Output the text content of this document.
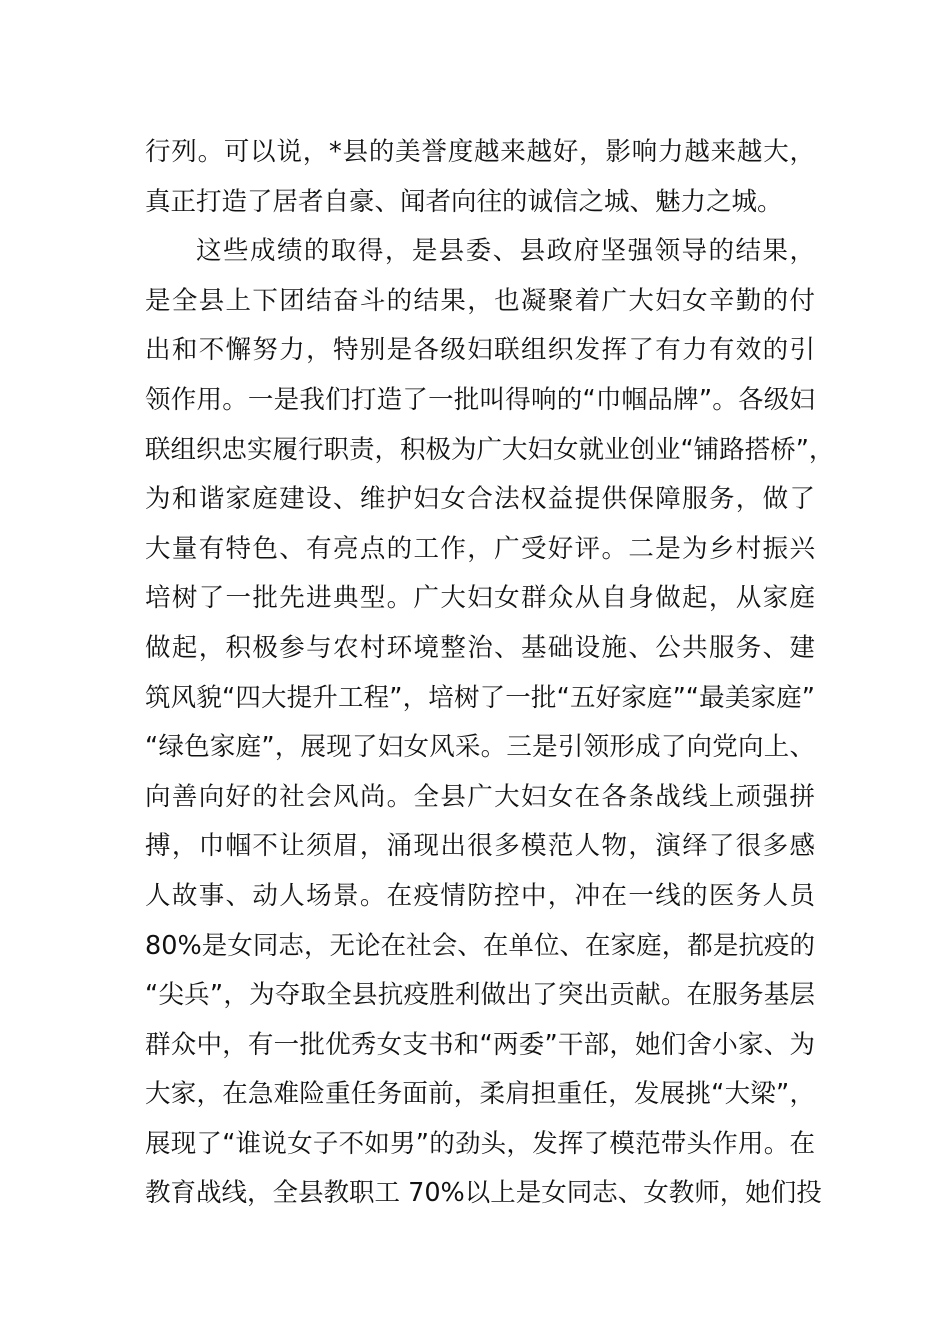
行列。可以说，*县的美誉度越来越好，影响力越来越大，
真正打造了居者自豪、闻者向往的诚信之城、魅力之城。
这些成绩的取得，是县委、县政府坚强领导的结果，
是全县上下团结奋斗的结果，也凝聚着广大妇女辛勤的付
出和不懈努力，特别是各级妇联组织发挥了有力有效的引
领作用。一是我们打造了一批叫得响的“巾帼品牌”。各级妇
联组织忠实履行职责，积极为广大妇女就业创业“铺路搭桥”，
为和谐家庭建设、维护妇女合法权益提供保障服务，做了
大量有特色、有亮点的工作，广受好评。二是为乡村振兴
培树了一批先进典型。广大妇女群众从自身做起，从家庭
做起，积极参与农村环境整治、基础设施、公共服务、建
筑风貌“四大提升工程”，培树了一批“五好家庭”“最美家庭”
“绿色家庭”，展现了妇女风采。三是引领形成了向党向上、
向善向好的社会风尚。全县广大妇女在各条战线上顽强拼
搏，巾帼不让须眉，涌现出很多模范人物，演绎了很多感
人故事、动人场景。在疫情防控中，冲在一线的医务人员
80%是女同志，无论在社会、在单位、在家庭，都是抗疫的
“尖兵”，为夺取全县抗疫胜利做出了突出贡献。在服务基层
群众中，有一批优秀女支书和“两委”干部，她们舍小家、为
大家，在急难险重任务面前，柔肩担重任，发展挑“大梁”，
展现了“谁说女子不如男”的劲头，发挥了模范带头作用。在
教育战线，全县教职工 70%以上是女同志、女教师，她们投
